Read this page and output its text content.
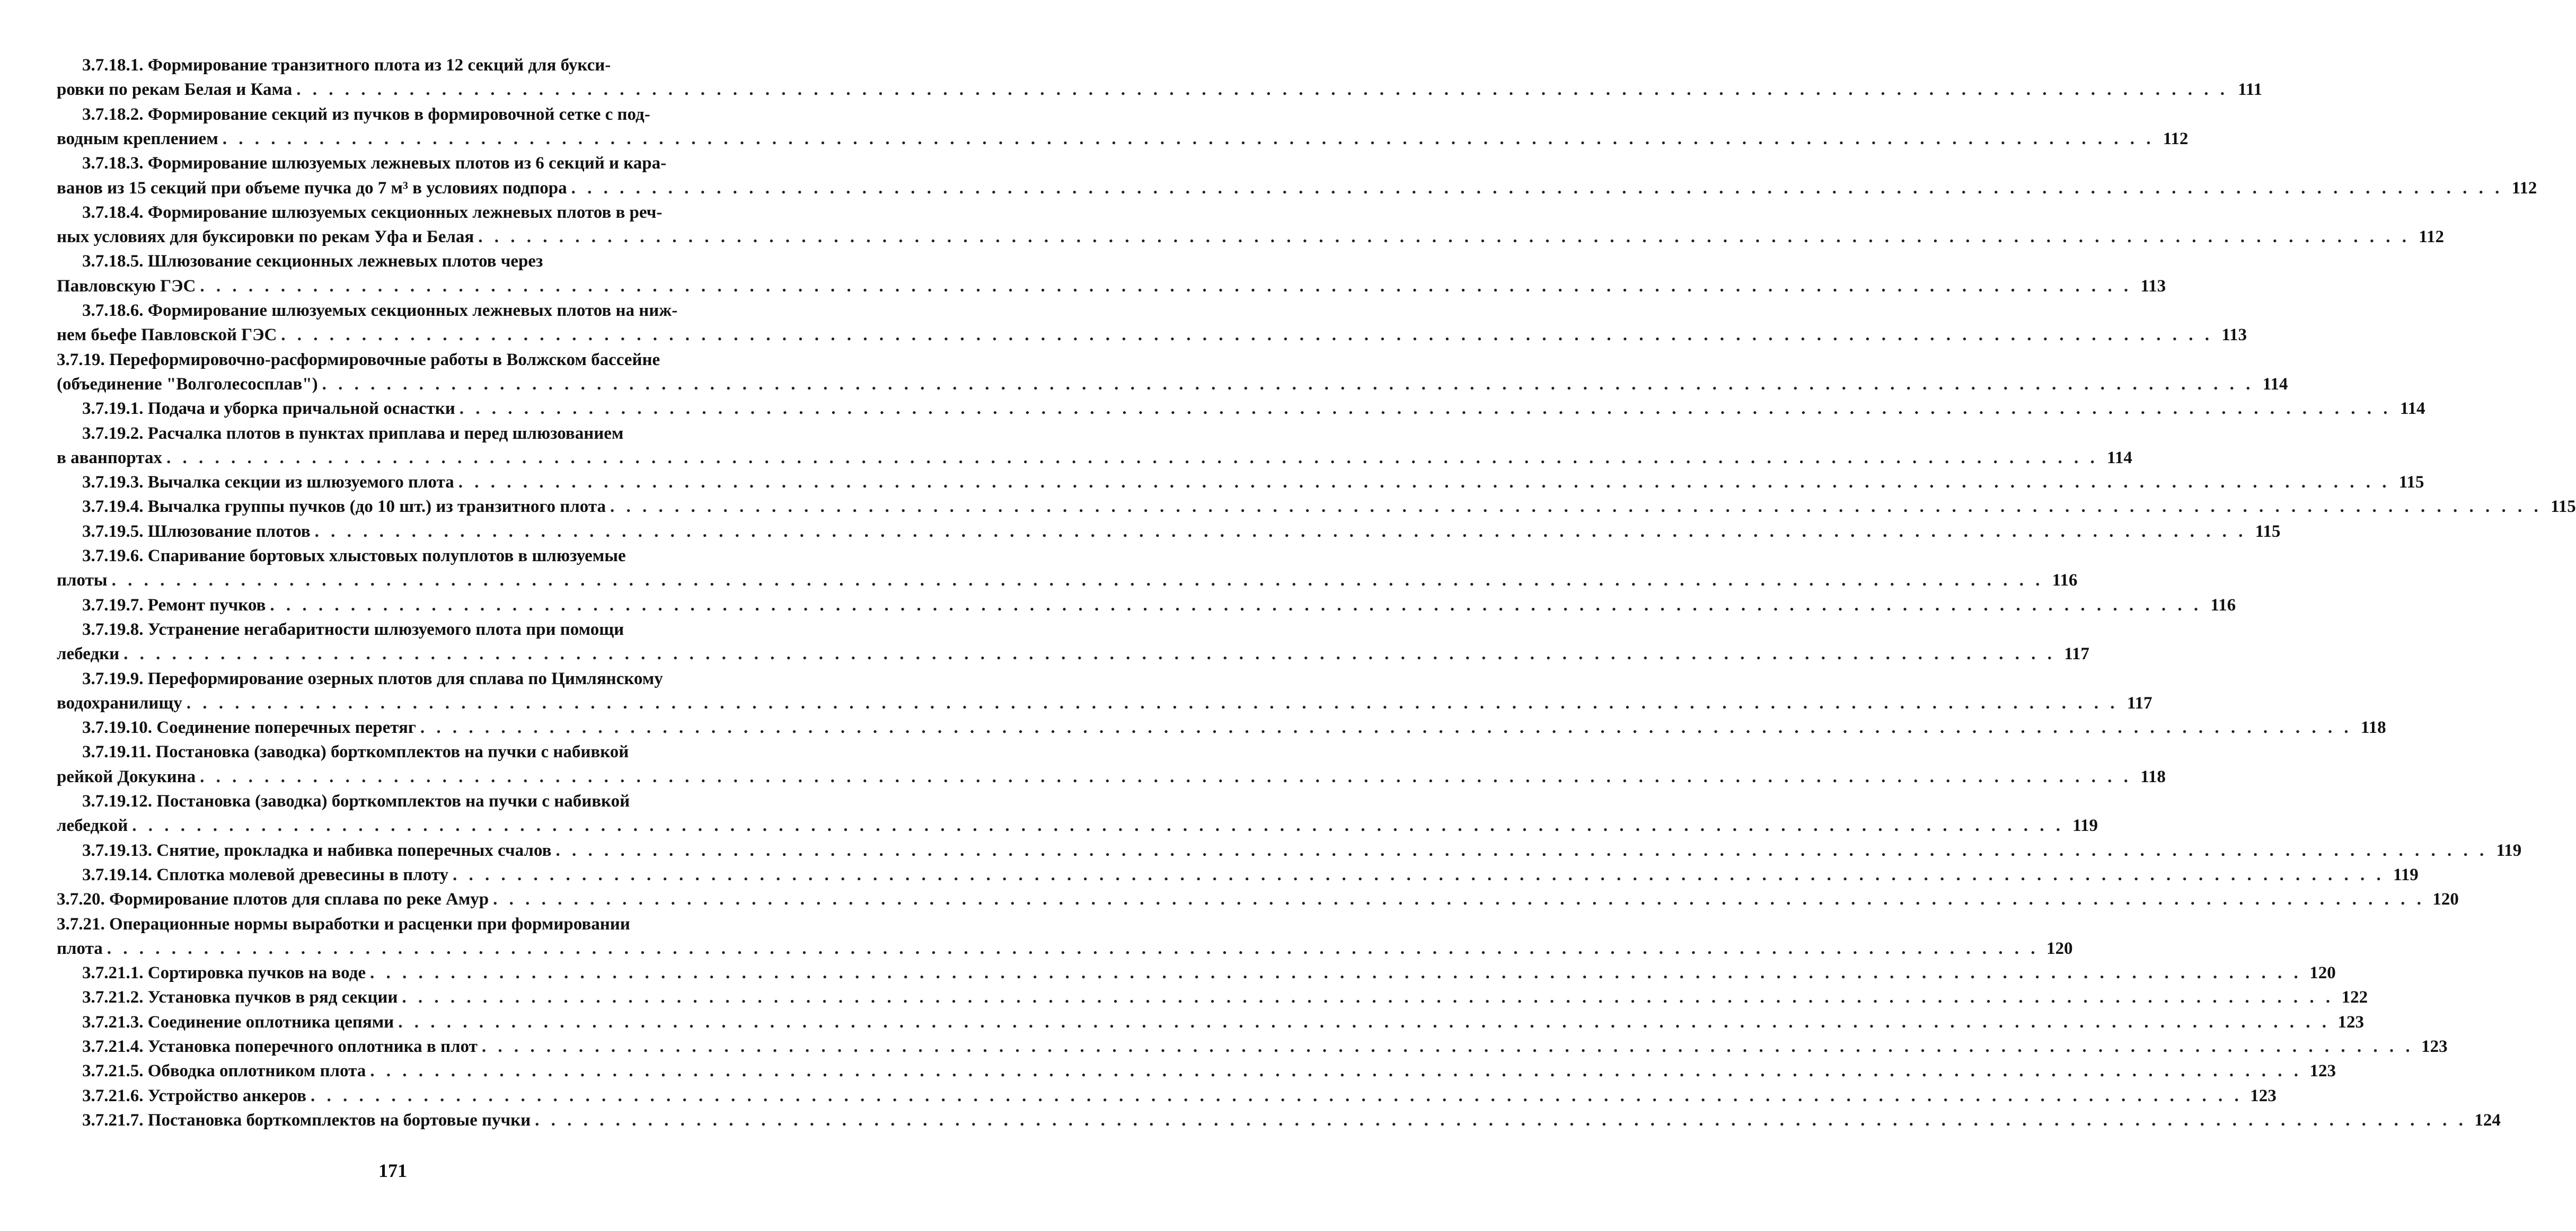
3.7.18.1. Формирование транзитного плота из 12 секций для букси-
ровки по рекам Белая и Кама . . . . . . . . . . . . . . . . . . . . . . . . . . . . . . . . . . . . . . . . . . . . . . . . . . . . . . . . . . . . . . . . . . . . . . . . . . . . . . . . . . . . . . . . . . . . . . . . . . . . . . . . . . . . . . . . . . . . . . . . 111
3.7.18.2. Формирование секций из пучков в формировочной сетке с под-
водным креплением . . . . . . . . . . . . . . . . . . . . . . . . . . . . . . . . . . . . . . . . . . . . . . . . . . . . . . . . . . . . . . . . . . . . . . . . . . . . . . . . . . . . . . . . . . . . . . . . . . . . . . . . . . . . . . . . . . . . . . . . 112
3.7.18.3. Формирование шлюзуемых лежневых плотов из 6 секций и кара-
ванов из 15 секций при объеме пучка до 7 м³ в условиях подпора . . . . . . . . . . . . . . . . . . . . . . . . . . . . . . . . . . . . . . . . . . . . . . . . . . . . . . . . . . . . . . . . . . . . . . . . . . . . . . . . . . . . . . . . . . . . . . . . . . . . . . . . . . . . . . . . . . . . . . . . 112
3.7.18.4. Формирование шлюзуемых секционных лежневых плотов в реч-
ных условиях для буксировки по рекам Уфа и Белая . . . . . . . . . . . . . . . . . . . . . . . . . . . . . . . . . . . . . . . . . . . . . . . . . . . . . . . . . . . . . . . . . . . . . . . . . . . . . . . . . . . . . . . . . . . . . . . . . . . . . . . . . . . . . . . . . . . . . . . . 112
3.7.18.5. Шлюзование секционных лежневых плотов через
Павловскую ГЭС . . . . . . . . . . . . . . . . . . . . . . . . . . . . . . . . . . . . . . . . . . . . . . . . . . . . . . . . . . . . . . . . . . . . . . . . . . . . . . . . . . . . . . . . . . . . . . . . . . . . . . . . . . . . . . . . . . . . . . . . 113
3.7.18.6. Формирование шлюзуемых секционных лежневых плотов на ниж-
нем бьефе Павловской ГЭС . . . . . . . . . . . . . . . . . . . . . . . . . . . . . . . . . . . . . . . . . . . . . . . . . . . . . . . . . . . . . . . . . . . . . . . . . . . . . . . . . . . . . . . . . . . . . . . . . . . . . . . . . . . . . . . . . . . . . . . . 113
3.7.19. Переформировочно-расформировочные работы в Волжском бассейне
(объединение "Волголесосплав") . . . . . . . . . . . . . . . . . . . . . . . . . . . . . . . . . . . . . . . . . . . . . . . . . . . . . . . . . . . . . . . . . . . . . . . . . . . . . . . . . . . . . . . . . . . . . . . . . . . . . . . . . . . . . . . . . . . . . . . . 114
3.7.19.1. Подача и уборка причальной оснастки . . . . . . . . . . . . . . . . . . . . . . . . . . . . . . . . . . . . . . . . . . . . . . . . . . . . . . . . . . . . . . . . . . . . . . . . . . . . . . . . . . . . . . . . . . . . . . . . . . . . . . . . . . . . . . . . . . . . . . . . 114
3.7.19.2. Расчалка плотов в пунктах приплава и перед шлюзованием
в аванпортах . . . . . . . . . . . . . . . . . . . . . . . . . . . . . . . . . . . . . . . . . . . . . . . . . . . . . . . . . . . . . . . . . . . . . . . . . . . . . . . . . . . . . . . . . . . . . . . . . . . . . . . . . . . . . . . . . . . . . . . . 114
3.7.19.3. Вычалка секции из шлюзуемого плота . . . . . . . . . . . . . . . . . . . . . . . . . . . . . . . . . . . . . . . . . . . . . . . . . . . . . . . . . . . . . . . . . . . . . . . . . . . . . . . . . . . . . . . . . . . . . . . . . . . . . . . . . . . . . . . . . . . . . . . . 115
3.7.19.4. Вычалка группы пучков (до 10 шт.) из транзитного плота . . . . . . . . . . . . . . . . . . . . . . . . . . . . . . . . . . . . . . . . . . . . . . . . . . . . . . . . . . . . . . . . . . . . . . . . . . . . . . . . . . . . . . . . . . . . . . . . . . . . . . . . . . . . . . . . . . . . . . . . 115
3.7.19.5. Шлюзование плотов . . . . . . . . . . . . . . . . . . . . . . . . . . . . . . . . . . . . . . . . . . . . . . . . . . . . . . . . . . . . . . . . . . . . . . . . . . . . . . . . . . . . . . . . . . . . . . . . . . . . . . . . . . . . . . . . . . . . . . . . 115
3.7.19.6. Спаривание бортовых хлыстовых полуплотов в шлюзуемые
плоты . . . . . . . . . . . . . . . . . . . . . . . . . . . . . . . . . . . . . . . . . . . . . . . . . . . . . . . . . . . . . . . . . . . . . . . . . . . . . . . . . . . . . . . . . . . . . . . . . . . . . . . . . . . . . . . . . . . . . . . . 116
3.7.19.7. Ремонт пучков . . . . . . . . . . . . . . . . . . . . . . . . . . . . . . . . . . . . . . . . . . . . . . . . . . . . . . . . . . . . . . . . . . . . . . . . . . . . . . . . . . . . . . . . . . . . . . . . . . . . . . . . . . . . . . . . . . . . . . . . 116
3.7.19.8. Устранение негабаритности шлюзуемого плота при помощи
лебедки . . . . . . . . . . . . . . . . . . . . . . . . . . . . . . . . . . . . . . . . . . . . . . . . . . . . . . . . . . . . . . . . . . . . . . . . . . . . . . . . . . . . . . . . . . . . . . . . . . . . . . . . . . . . . . . . . . . . . . . . 117
3.7.19.9. Переформирование озерных плотов для сплава по Цимлянскому
водохранилищу . . . . . . . . . . . . . . . . . . . . . . . . . . . . . . . . . . . . . . . . . . . . . . . . . . . . . . . . . . . . . . . . . . . . . . . . . . . . . . . . . . . . . . . . . . . . . . . . . . . . . . . . . . . . . . . . . . . . . . . . 117
3.7.19.10. Соединение поперечных перетяг . . . . . . . . . . . . . . . . . . . . . . . . . . . . . . . . . . . . . . . . . . . . . . . . . . . . . . . . . . . . . . . . . . . . . . . . . . . . . . . . . . . . . . . . . . . . . . . . . . . . . . . . . . . . . . . . . . . . . . . . 118
3.7.19.11. Постановка (заводка) борткомплектов на пучки с набивкой
рейкой Докукина . . . . . . . . . . . . . . . . . . . . . . . . . . . . . . . . . . . . . . . . . . . . . . . . . . . . . . . . . . . . . . . . . . . . . . . . . . . . . . . . . . . . . . . . . . . . . . . . . . . . . . . . . . . . . . . . . . . . . . . . 118
3.7.19.12. Постановка (заводка) борткомплектов на пучки с набивкой
лебедкой . . . . . . . . . . . . . . . . . . . . . . . . . . . . . . . . . . . . . . . . . . . . . . . . . . . . . . . . . . . . . . . . . . . . . . . . . . . . . . . . . . . . . . . . . . . . . . . . . . . . . . . . . . . . . . . . . . . . . . . . 119
3.7.19.13. Снятие, прокладка и набивка поперечных счалов . . . . . . . . . . . . . . . . . . . . . . . . . . . . . . . . . . . . . . . . . . . . . . . . . . . . . . . . . . . . . . . . . . . . . . . . . . . . . . . . . . . . . . . . . . . . . . . . . . . . . . . . . . . . . . . . . . . . . . . . 119
3.7.19.14. Сплотка молевой древесины в плоту . . . . . . . . . . . . . . . . . . . . . . . . . . . . . . . . . . . . . . . . . . . . . . . . . . . . . . . . . . . . . . . . . . . . . . . . . . . . . . . . . . . . . . . . . . . . . . . . . . . . . . . . . . . . . . . . . . . . . . . . 119
3.7.20. Формирование плотов для сплава по реке Амур . . . . . . . . . . . . . . . . . . . . . . . . . . . . . . . . . . . . . . . . . . . . . . . . . . . . . . . . . . . . . . . . . . . . . . . . . . . . . . . . . . . . . . . . . . . . . . . . . . . . . . . . . . . . . . . . . . . . . . . . 120
3.7.21. Операционные нормы выработки и расценки при формировании
плота . . . . . . . . . . . . . . . . . . . . . . . . . . . . . . . . . . . . . . . . . . . . . . . . . . . . . . . . . . . . . . . . . . . . . . . . . . . . . . . . . . . . . . . . . . . . . . . . . . . . . . . . . . . . . . . . . . . . . . . . 120
3.7.21.1. Сортировка пучков на воде . . . . . . . . . . . . . . . . . . . . . . . . . . . . . . . . . . . . . . . . . . . . . . . . . . . . . . . . . . . . . . . . . . . . . . . . . . . . . . . . . . . . . . . . . . . . . . . . . . . . . . . . . . . . . . . . . . . . . . . . 120
3.7.21.2. Установка пучков в ряд секции . . . . . . . . . . . . . . . . . . . . . . . . . . . . . . . . . . . . . . . . . . . . . . . . . . . . . . . . . . . . . . . . . . . . . . . . . . . . . . . . . . . . . . . . . . . . . . . . . . . . . . . . . . . . . . . . . . . . . . . . 122
3.7.21.3. Соединение оплотника цепями . . . . . . . . . . . . . . . . . . . . . . . . . . . . . . . . . . . . . . . . . . . . . . . . . . . . . . . . . . . . . . . . . . . . . . . . . . . . . . . . . . . . . . . . . . . . . . . . . . . . . . . . . . . . . . . . . . . . . . . . 123
3.7.21.4. Установка поперечного оплотника в плот . . . . . . . . . . . . . . . . . . . . . . . . . . . . . . . . . . . . . . . . . . . . . . . . . . . . . . . . . . . . . . . . . . . . . . . . . . . . . . . . . . . . . . . . . . . . . . . . . . . . . . . . . . . . . . . . . . . . . . . . 123
3.7.21.5. Обводка оплотником плота . . . . . . . . . . . . . . . . . . . . . . . . . . . . . . . . . . . . . . . . . . . . . . . . . . . . . . . . . . . . . . . . . . . . . . . . . . . . . . . . . . . . . . . . . . . . . . . . . . . . . . . . . . . . . . . . . . . . . . . . 123
3.7.21.6. Устройство анкеров . . . . . . . . . . . . . . . . . . . . . . . . . . . . . . . . . . . . . . . . . . . . . . . . . . . . . . . . . . . . . . . . . . . . . . . . . . . . . . . . . . . . . . . . . . . . . . . . . . . . . . . . . . . . . . . . . . . . . . . . 123
3.7.21.7. Постановка борткомплектов на бортовые пучки . . . . . . . . . . . . . . . . . . . . . . . . . . . . . . . . . . . . . . . . . . . . . . . . . . . . . . . . . . . . . . . . . . . . . . . . . . . . . . . . . . . . . . . . . . . . . . . . . . . . . . . . . . . . . . . . . . . . . . . . 124
171
